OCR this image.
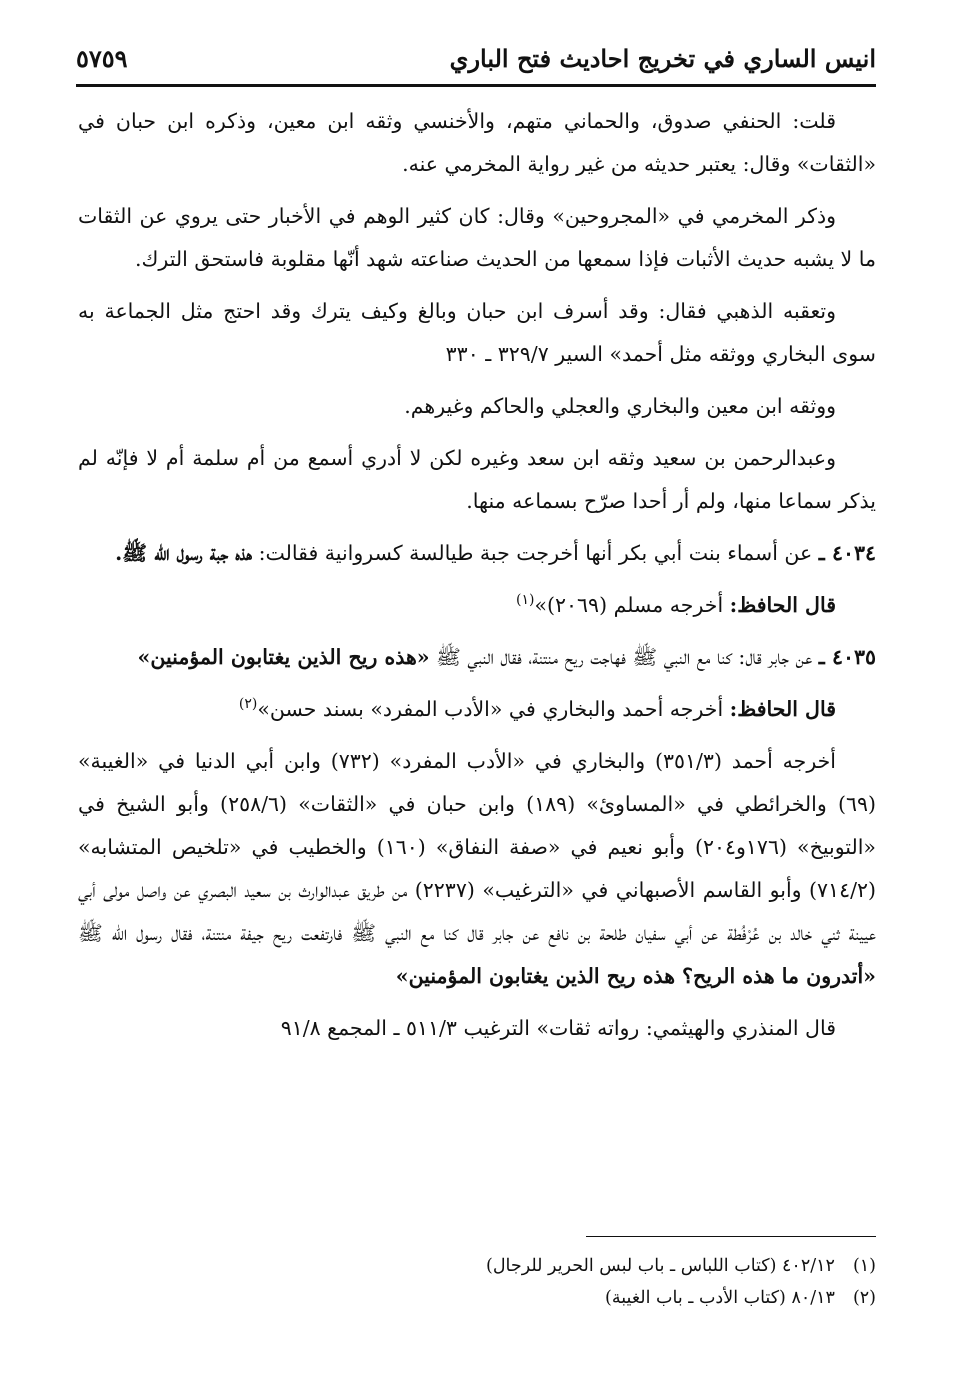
انيس الساري في تخريج احاديث فتح الباري
٥٧٥٩

قلت: الحنفي صدوق، والحماني متهم، والأخنسي وثقه ابن معين، وذكره ابن حبان في «الثقات» وقال: يعتبر حديثه من غير رواية المخرمي عنه.

وذكر المخرمي في «المجروحين» وقال: كان كثير الوهم في الأخبار حتى يروي عن الثقات ما لا يشبه حديث الأثبات فإذا سمعها من الحديث صناعته شهد أنّها مقلوبة فاستحق الترك.

وتعقبه الذهبي فقال: وقد أسرف ابن حبان وبالغ وكيف يترك وقد احتج مثل الجماعة به سوى البخاري ووثقه مثل أحمد» السير ٣٢٩/٧ ـ ٣٣٠

ووثقه ابن معين والبخاري والعجلي والحاكم وغيرهم.

وعبدالرحمن بن سعيد وثقه ابن سعد وغيره لكن لا أدري أسمع من أم سلمة أم لا فإنّه لم يذكر سماعا منها، ولم أر أحدا صرّح بسماعه منها.

٤٠٣٤ ـ عن أسماء بنت أبي بكر أنها أخرجت جبة طيالسة كسروانية فقالت: هذه جبة رسول الله ﷺ.

قال الحافظ: أخرجه مسلم (٢٠٦٩)»$^{(١)}$

٤٠٣٥ ـ عن جابر قال: كنا مع النبي ﷺ فهاجت ريح منتنة، فقال النبي ﷺ «هذه ريح الذين يغتابون المؤمنين»

قال الحافظ: أخرجه أحمد والبخاري في «الأدب المفرد» بسند حسن»$^{(٢)}$

أخرجه أحمد (٣٥١/٣) والبخاري في «الأدب المفرد» (٧٣٢) وابن أبي الدنيا في «الغيبة» (٦٩) والخرائطي في «المساوئ» (١٨٩) وابن حبان في «الثقات» (٢٥٨/٦) وأبو الشيخ في «التوبيخ» (١٧٦و٢٠٤) وأبو نعيم في «صفة النفاق» (١٦٠) والخطيب في «تلخيص المتشابه» (٧١٤/٢) وأبو القاسم الأصبهاني في «الترغيب» (٢٢٣٧) من طريق عبدالوارث بن سعيد البصري عن واصل مولى أبي عيينة ثني خالد بن عُرْفُطة عن أبي سفيان طلحة بن نافع عن جابر قال كنا مع النبي ﷺ فارتفعت ريح جيفة منتنة، فقال رسول الله ﷺ «أتدرون ما هذه الريح؟ هذه ريح الذين يغتابون المؤمنين»

قال المنذري والهيثمي: رواته ثقات» الترغيب ٥١١/٣ ـ المجمع ٩١/٨

(١)
٤٠٢/١٢ (كتاب اللباس ـ باب لبس الحرير للرجال)
(٢)
٨٠/١٣ (كتاب الأدب ـ باب الغيبة)
